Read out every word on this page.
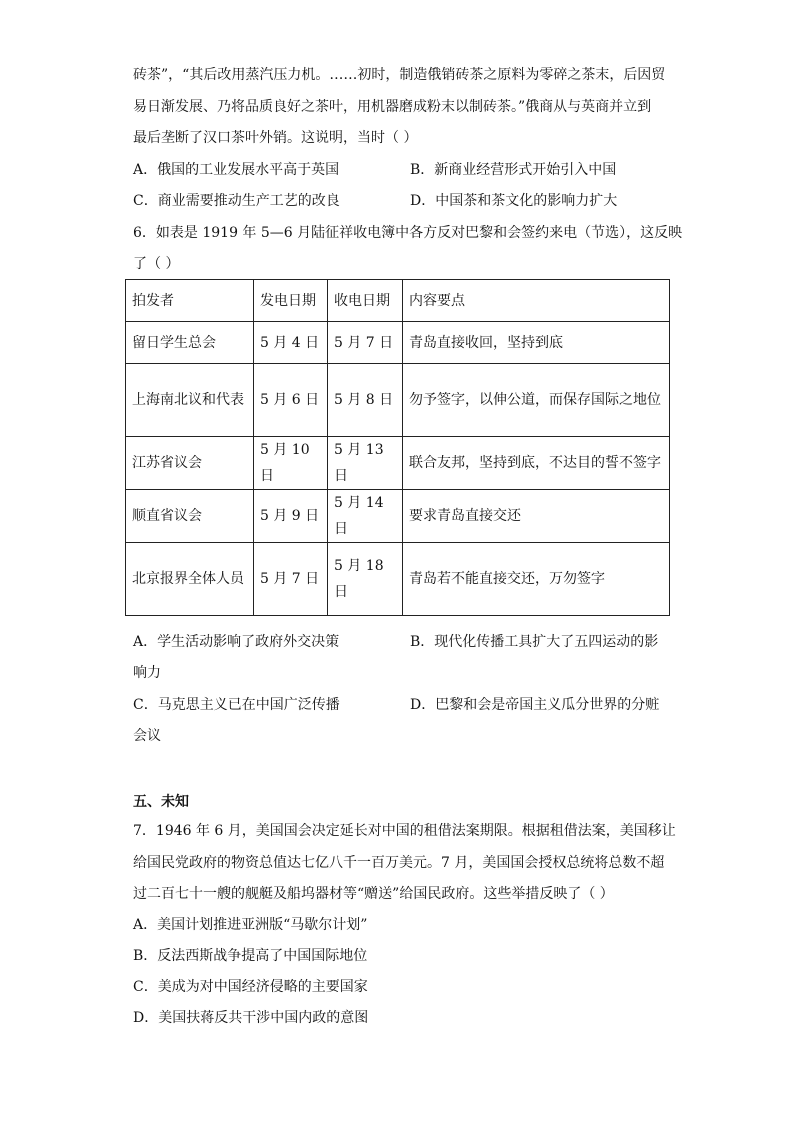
砖茶”，“其后改用蒸汽压力机。……初时，制造俄销砖茶之原料为零碎之茶末，后因贸
易日渐发展、乃将品质良好之茶叶，用机器磨成粉末以制砖茶。”俄商从与英商并立到
最后垄断了汉口茶叶外销。这说明，当时（ ）
A．俄国的工业发展水平高于英国	B．新商业经营形式开始引入中国
C．商业需要推动生产工艺的改良	D．中国茶和茶文化的影响力扩大
6．如表是 1919 年 5—6 月陆征祥收电簿中各方反对巴黎和会签约来电（节选），这反映
了（ ）
拍发者	发电日期	收电日期	内容要点
留日学生总会	5 月 4 日	5 月 7 日	青岛直接收回，坚持到底
上海南北议和代表	5 月 6 日	5 月 8 日	勿予签字，以伸公道，而保存国际之地位
江苏省议会	5 月 10 日	5 月 13 日	联合友邦，坚持到底，不达目的誓不签字
顺直省议会	5 月 9 日	5 月 14 日	要求青岛直接交还
北京报界全体人员	5 月 7 日	5 月 18 日	青岛若不能直接交还，万勿签字
A．学生活动影响了政府外交决策	B．现代化传播工具扩大了五四运动的影
响力
C．马克思主义已在中国广泛传播	D．巴黎和会是帝国主义瓜分世界的分赃
会议
五、未知
7．1946 年 6 月，美国国会决定延长对中国的租借法案期限。根据租借法案，美国移让
给国民党政府的物资总值达七亿八千一百万美元。7 月，美国国会授权总统将总数不超
过二百七十一艘的舰艇及船坞器材等“赠送”给国民政府。这些举措反映了（ ）
A．美国计划推进亚洲版“马歇尔计划”
B．反法西斯战争提高了中国国际地位
C．美成为对中国经济侵略的主要国家
D．美国扶蒋反共干涉中国内政的意图
